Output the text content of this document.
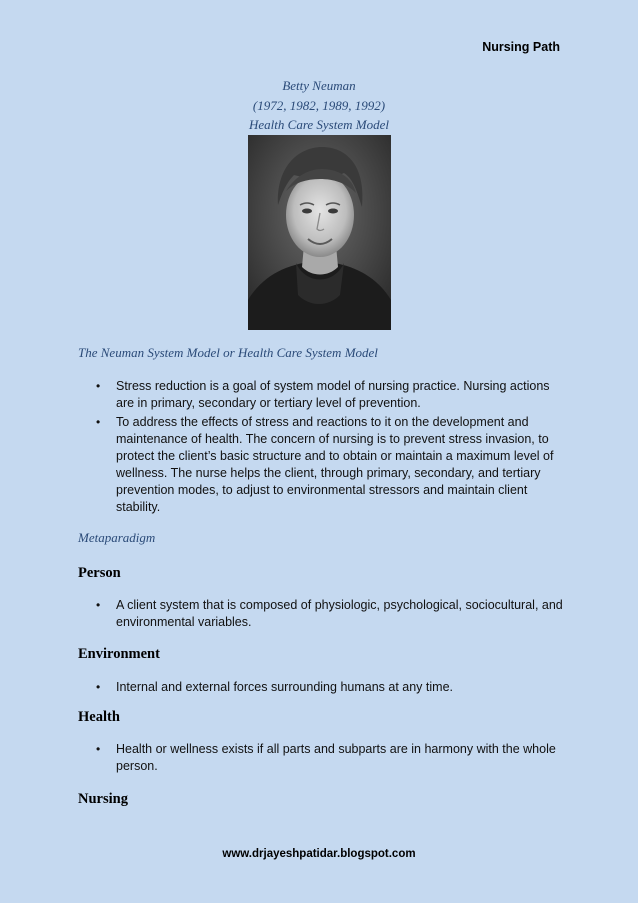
Nursing Path
Betty Neuman
(1972, 1982, 1989, 1992)
Health Care System Model
The Neuman System Model or Health Care System Model
• Stress reduction is a goal of system model of nursing practice. Nursing actions are in primary, secondary or tertiary level of prevention.
• To address the effects of stress and reactions to it on the development and maintenance of health. The concern of nursing is to prevent stress invasion, to protect the client’s basic structure and to obtain or maintain a maximum level of wellness. The nurse helps the client, through primary, secondary, and tertiary prevention modes, to adjust to environmental stressors and maintain client stability.
Metaparadigm
Person
• A client system that is composed of physiologic, psychological, sociocultural, and environmental variables.
Environment
• Internal and external forces surrounding humans at any time.
Health
• Health or wellness exists if all parts and subparts are in harmony with the whole person.
Nursing
www.drjayeshpatidar.blogspot.com
